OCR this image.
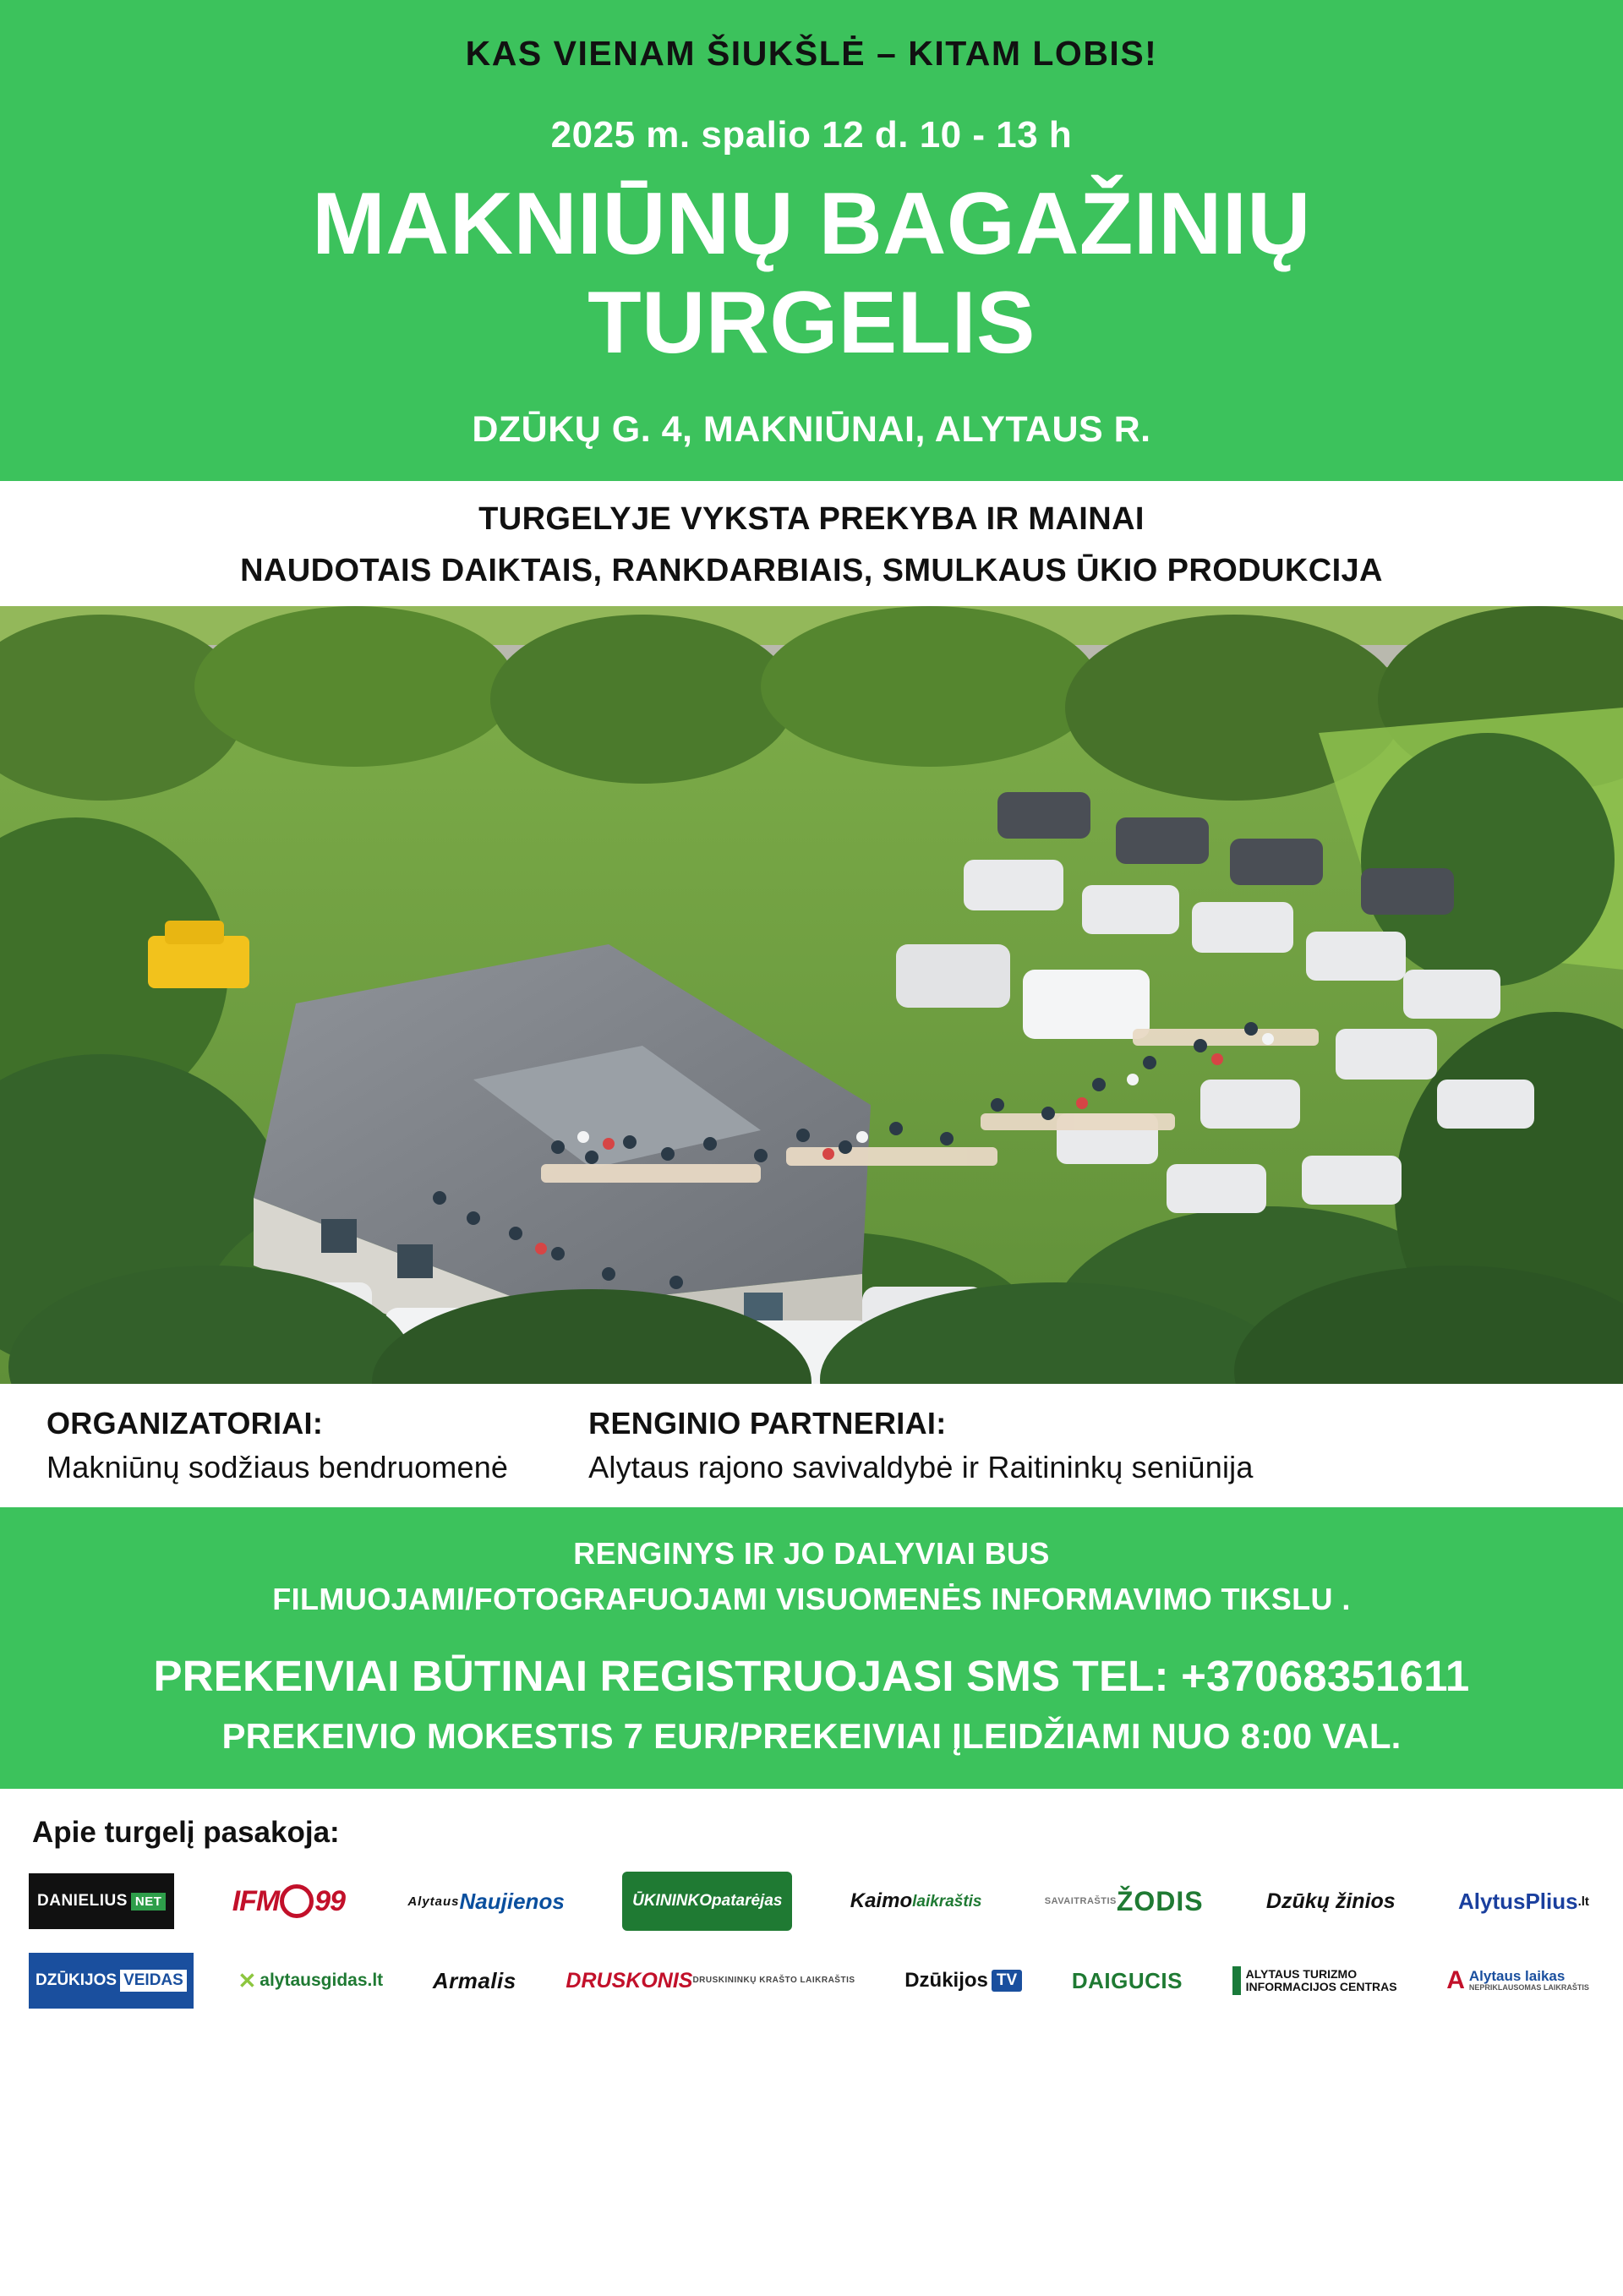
KAS VIENAM ŠIUKŠLĖ – KITAM LOBIS!
2025 m. spalio 12 d. 10 - 13 h
MAKNIŪNŲ BAGAŽINIŲ
TURGELIS
DZŪKŲ G. 4, MAKNIŪNAI, ALYTAUS R.
TURGELYJE VYKSTA PREKYBA IR MAINAI
NAUDOTAIS DAIKTAIS, RANKDARBIAIS, SMULKAUS ŪKIO PRODUKCIJA
ORGANIZATORIAI:
Makniūnų sodžiaus bendruomenė
RENGINIO PARTNERIAI:
Alytaus rajono savivaldybė ir Raitininkų seniūnija
RENGINYS IR JO DALYVIAI BUS
FILMUOJAMI/FOTOGRAFUOJAMI VISUOMENĖS INFORMAVIMO TIKSLU .
PREKEIVIAI BŪTINAI REGISTRUOJASI SMS TEL: +37068351611
PREKEIVIO MOKESTIS 7 EUR/PREKEIVIAI ĮLEIDŽIAMI NUO 8:00 VAL.
Apie turgelį pasakoja:
DANIELIUS NET IFM 99	Alytaus Naujienos	ŪKININKO patarėjas	Kaimo laikraštis	SAVAITRAŠTIS ŽODIS	Dzūkų žinios	AlytusPlius .lt
DZŪKIJOS VEIDAS ✕ alytausgidas.lt Armalis DRUSKONIS DRUSKININKŲ KRAŠTO LAIKRAŠTIS Dzūkijos TV DAIGUCIS	ALYTAUS TURIZMO
INFORMACIJOS CENTRAS A Alytaus laikas
NEPRIKLAUSOMAS LAIKRAŠTIS
